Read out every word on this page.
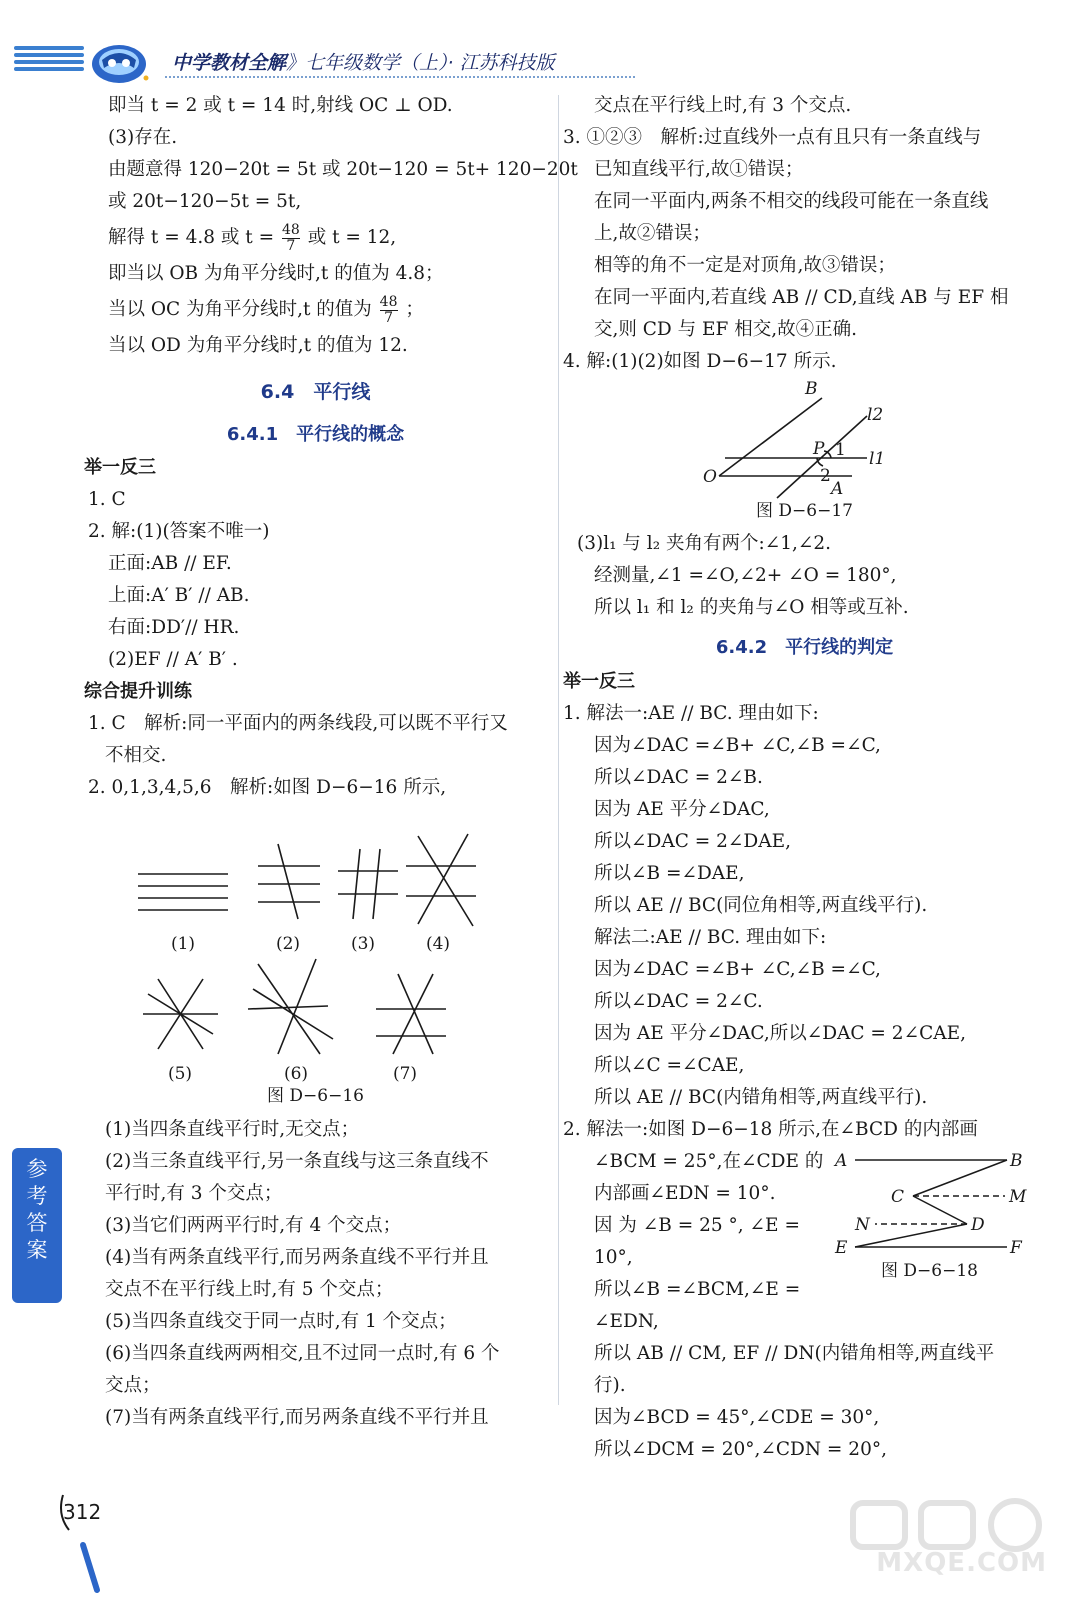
中学教材全解》七年级数学（上）· 江苏科技版
即当 t = 2 或 t = 14 时,射线 OC ⊥ OD.
(3)存在.
由题意得 120−20t = 5t 或 20t−120 = 5t+ 120−20t
或 20t−120−5t = 5t,
解得 t = 4.8 或 $t = \frac{48}{7}$ 或 t = 12,
即当以 OB 为角平分线时,t 的值为 4.8；
当以 OC 为角平分线时,t 的值为 $\frac{48}{7}$ ；
当以 OD 为角平分线时,t 的值为 12.
6.4　平行线
6.4.1　平行线的概念
举一反三
1. C
2. 解:(1)(答案不唯一)
正面:AB // EF.
上面:A′ B′ // AB.
右面:DD′// HR.
(2)EF // A′ B′ .
综合提升训练
1. C　解析:同一平面内的两条线段,可以既不平行又
不相交.
2. 0,1,3,4,5,6　解析:如图 D−6−16 所示,
(1)	(2)	(3)	(4)
(5)	(6)	(7)
图 D−6−16
(1)当四条直线平行时,无交点；
(2)当三条直线平行,另一条直线与这三条直线不
平行时,有 3 个交点；
(3)当它们两两平行时,有 4 个交点；
(4)当有两条直线平行,而另两条直线不平行并且
交点不在平行线上时,有 5 个交点；
(5)当四条直线交于同一点时,有 1 个交点；
(6)当四条直线两两相交,且不过同一点时,有 6 个
交点；
(7)当有两条直线平行,而另两条直线不平行并且
交点在平行线上时,有 3 个交点.
3. ①②③　解析:过直线外一点有且只有一条直线与
已知直线平行,故①错误；
在同一平面内,两条不相交的线段可能在一条直线
上,故②错误；
相等的角不一定是对顶角,故③错误；
在同一平面内,若直线 AB // CD,直线 AB 与 EF 相
交,则 CD 与 EF 相交,故④正确.
4. 解:(1)(2)如图 D−6−17 所示.
B
l2
P 1 l1
O	2
A
图 D−6−17
(3)l₁ 与 l₂ 夹角有两个:∠1,∠2.
经测量,∠1 =∠O,∠2+ ∠O = 180°,
所以 l₁ 和 l₂ 的夹角与∠O 相等或互补.
6.4.2　平行线的判定
举一反三
1. 解法一:AE // BC. 理由如下:
因为∠DAC =∠B+ ∠C,∠B =∠C,
所以∠DAC = 2∠B.
因为 AE 平分∠DAC,
所以∠DAC = 2∠DAE,
所以∠B =∠DAE,
所以 AE // BC(同位角相等,两直线平行).
解法二:AE // BC. 理由如下:
因为∠DAC =∠B+ ∠C,∠B =∠C,
所以∠DAC = 2∠C.
因为 AE 平分∠DAC,所以∠DAC = 2∠CAE,
所以∠C =∠CAE,
所以 AE // BC(内错角相等,两直线平行).
2. 解法一:如图 D−6−18 所示,在∠BCD 的内部画
∠BCM = 25°,在∠CDE 的
内部画∠EDN = 10°.
因 为 ∠B = 25 °, ∠E =
10°,
所以∠B =∠BCM,∠E =
∠EDN,
A	B
C	M
N	D
E	F
图 D−6−18
所以 AB // CM, EF // DN(内错角相等,两直线平
行).
因为∠BCD = 45°,∠CDE = 30°,
所以∠DCM = 20°,∠CDN = 20°,
参考答案
312
MXQE.COM
